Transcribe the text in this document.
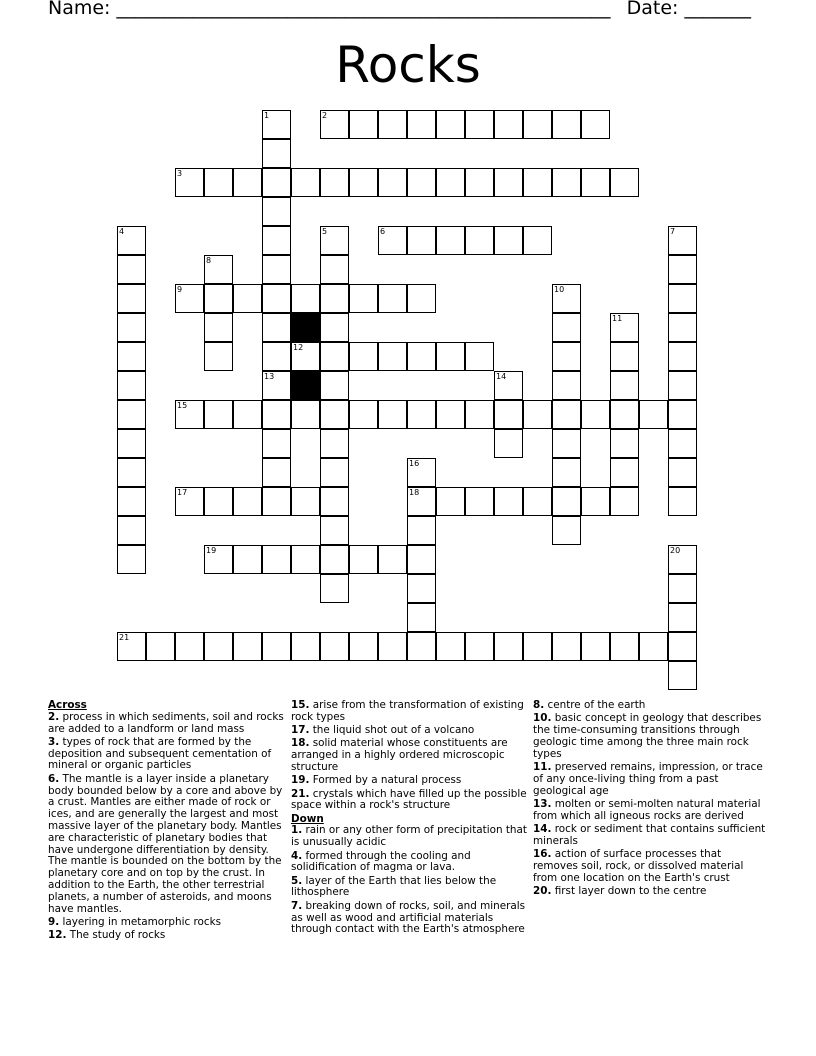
Name: ____________________________________________________ Date: _______
Rocks
1
13
2
3
4	5	6	7
8
9	10
11
12
14
15
16
18
17
19	20
21
Across
2. process in which sediments, soil and rocks are added to a landform or land mass
3. types of rock that are formed by the deposition and subsequent cementation of mineral or organic particles
6. The mantle is a layer inside a planetary body bounded below by a core and above by a crust. Mantles are either made of rock or ices, and are generally the largest and most massive layer of the planetary body. Mantles are characteristic of planetary bodies that have undergone differentiation by density. The mantle is bounded on the bottom by the planetary core and on top by the crust. In addition to the Earth, the other terrestrial planets, a number of asteroids, and moons have mantles.
9. layering in metamorphic rocks
12. The study of rocks
15. arise from the transformation of existing rock types
17. the liquid shot out of a volcano
18. solid material whose constituents are arranged in a highly ordered microscopic structure
19. Formed by a natural process
21. crystals which have filled up the possible space within a rock's structure
Down
1. rain or any other form of precipitation that is unusually acidic
4. formed through the cooling and solidification of magma or lava.
5. layer of the Earth that lies below the lithosphere
7. breaking down of rocks, soil, and minerals as well as wood and artificial materials through contact with the Earth's atmosphere
8. centre of the earth
10. basic concept in geology that describes the time-consuming transitions through geologic time among the three main rock types
11. preserved remains, impression, or trace of any once-living thing from a past geological age
13. molten or semi-molten natural material from which all igneous rocks are derived
14. rock or sediment that contains sufficient minerals
16. action of surface processes that removes soil, rock, or dissolved material from one location on the Earth's crust
20. first layer down to the centre
